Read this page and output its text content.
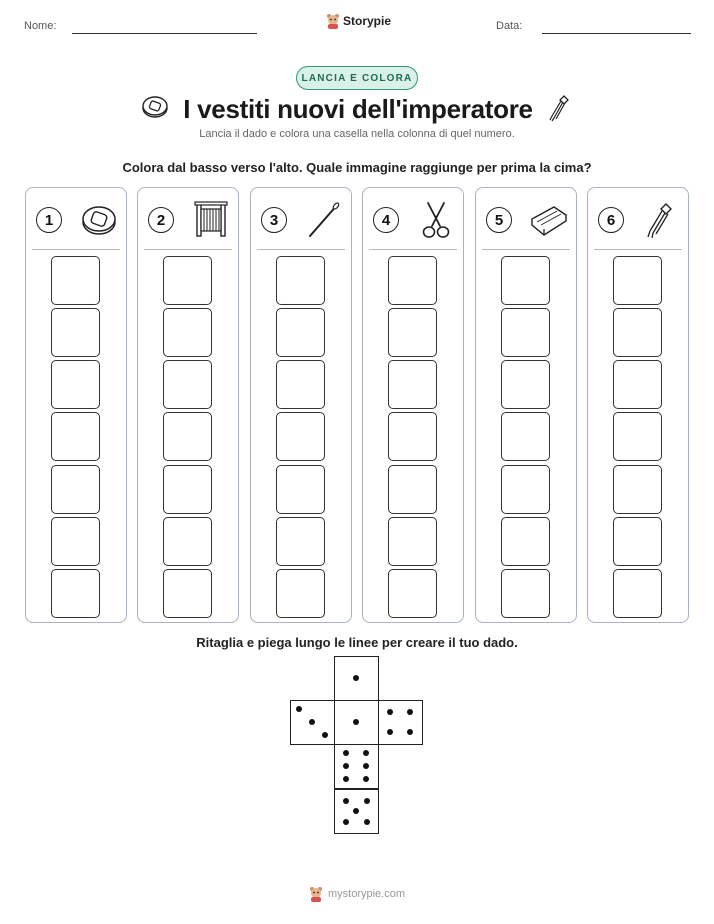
Nome:	Storypie	Data:
LANCIA E COLORA
I vestiti nuovi dell'imperatore
Lancia il dado e colora una casella nella colonna di quel numero.
Colora dal basso verso l'alto. Quale immagine raggiunge per prima la cima?
1	2	3	4	5	6
Ritaglia e piega lungo le linee per creare il tuo dado.
mystorypie.com
